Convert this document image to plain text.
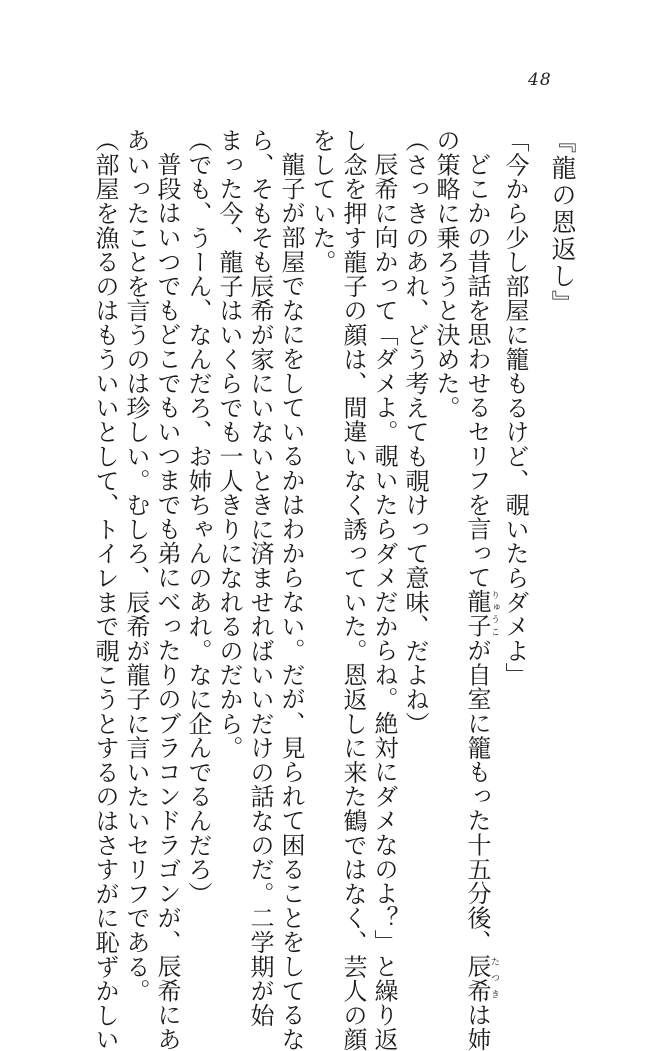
48
『龍の恩返し』
「今から少し部屋に籠もるけど、覗いたらダメよ」
どこかの昔話を思わせるセリフを言って龍子りゅうこが自室に籠もった十五分後、辰希たつきは姉
の策略に乗ろうと決めた。
（さっきのあれ、どう考えても覗けって意味、だよね）
辰希に向かって「ダメよ。覗いたらダメだからね。絶対にダメなのよ？」と繰り返
し念を押す龍子の顔は、間違いなく誘っていた。恩返しに来た鶴ではなく、芸人の顔
をしていた。
龍子が部屋でなにをしているかはわからない。だが、見られて困ることをしてるな
ら、そもそも辰希が家にいないときに済ませればいいだけの話なのだ。二学期が始
まった今、龍子はいくらでも一人きりになれるのだから。
（でも、うーん、なんだろ、お姉ちゃんのあれ。なに企んでるんだろ）
普段はいつでもどこでもいつまでも弟にべったりのブラコンドラゴンが、辰希にあ
あいったことを言うのは珍しい。むしろ、辰希が龍子に言いたいセリフである。
（部屋を漁るのはもういいとして、トイレまで覗こうとするのはさすがに恥ずかしい
